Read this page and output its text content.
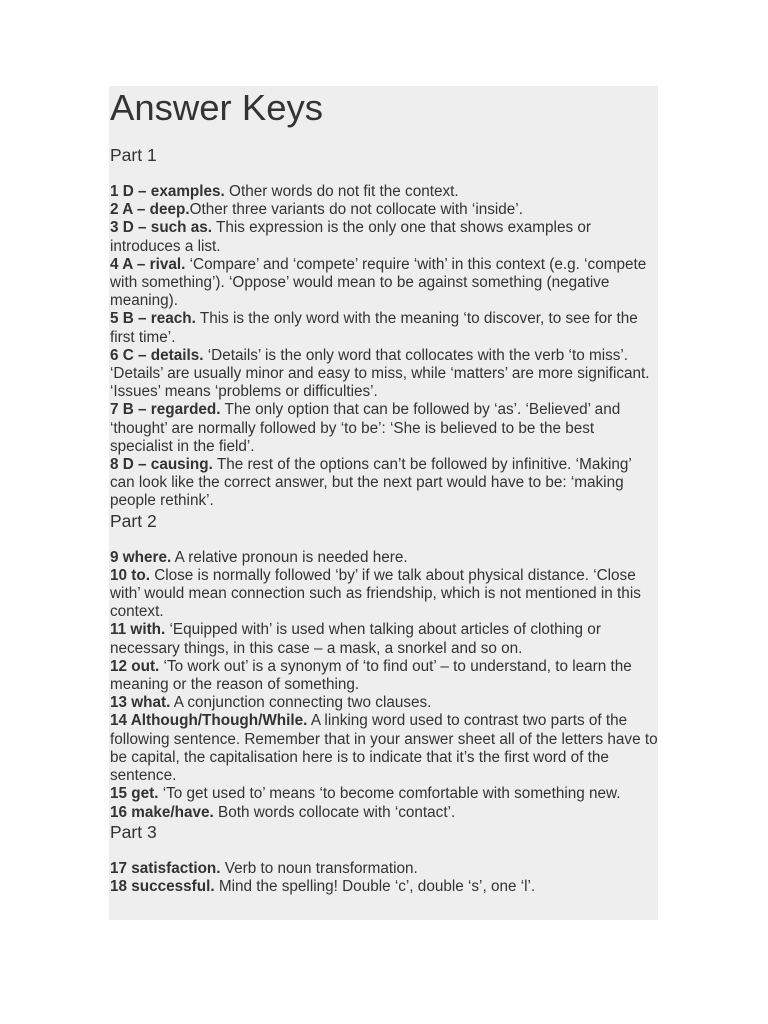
Answer Keys
Part 1

1 D – examples. Other words do not fit the context.

2 A – deep.Other three variants do not collocate with ‘inside’.

3 D – such as. This expression is the only one that shows examples or introduces a list.

4 A – rival. ‘Compare’ and ‘compete’ require ‘with’ in this context (e.g. ‘compete with something’). ‘Oppose’ would mean to be against something (negative meaning).

5 B – reach. This is the only word with the meaning ‘to discover, to see for the first time’.

6 C – details. ‘Details’ is the only word that collocates with the verb ‘to miss’. ‘Details’ are usually minor and easy to miss, while ‘matters’ are more significant. ‘Issues’ means ‘problems or difficulties’.

7 B – regarded. The only option that can be followed by ‘as’. ‘Believed’ and ‘thought’ are normally followed by ‘to be’: ‘She is believed to be the best specialist in the field’.

8 D – causing. The rest of the options can’t be followed by infinitive. ‘Making’ can look like the correct answer, but the next part would have to be: ‘making people rethink’.

Part 2

9 where. A relative pronoun is needed here.

10 to. Close is normally followed ‘by’ if we talk about physical distance. ‘Close with’ would mean connection such as friendship, which is not mentioned in this context.

11 with. ‘Equipped with’ is used when talking about articles of clothing or necessary things, in this case – a mask, a snorkel and so on.

12 out. ‘To work out’ is a synonym of ‘to find out’ – to understand, to learn the meaning or the reason of something.

13 what. A conjunction connecting two clauses.

14 Although/Though/While. A linking word used to contrast two parts of the following sentence. Remember that in your answer sheet all of the letters have to be capital, the capitalisation here is to indicate that it’s the first word of the sentence.

15 get. ‘To get used to’ means ‘to become comfortable with something new.

16 make/have. Both words collocate with ‘contact’.

Part 3

17 satisfaction. Verb to noun transformation.

18 successful. Mind the spelling! Double ‘c’, double ‘s’, one ‘l’.
